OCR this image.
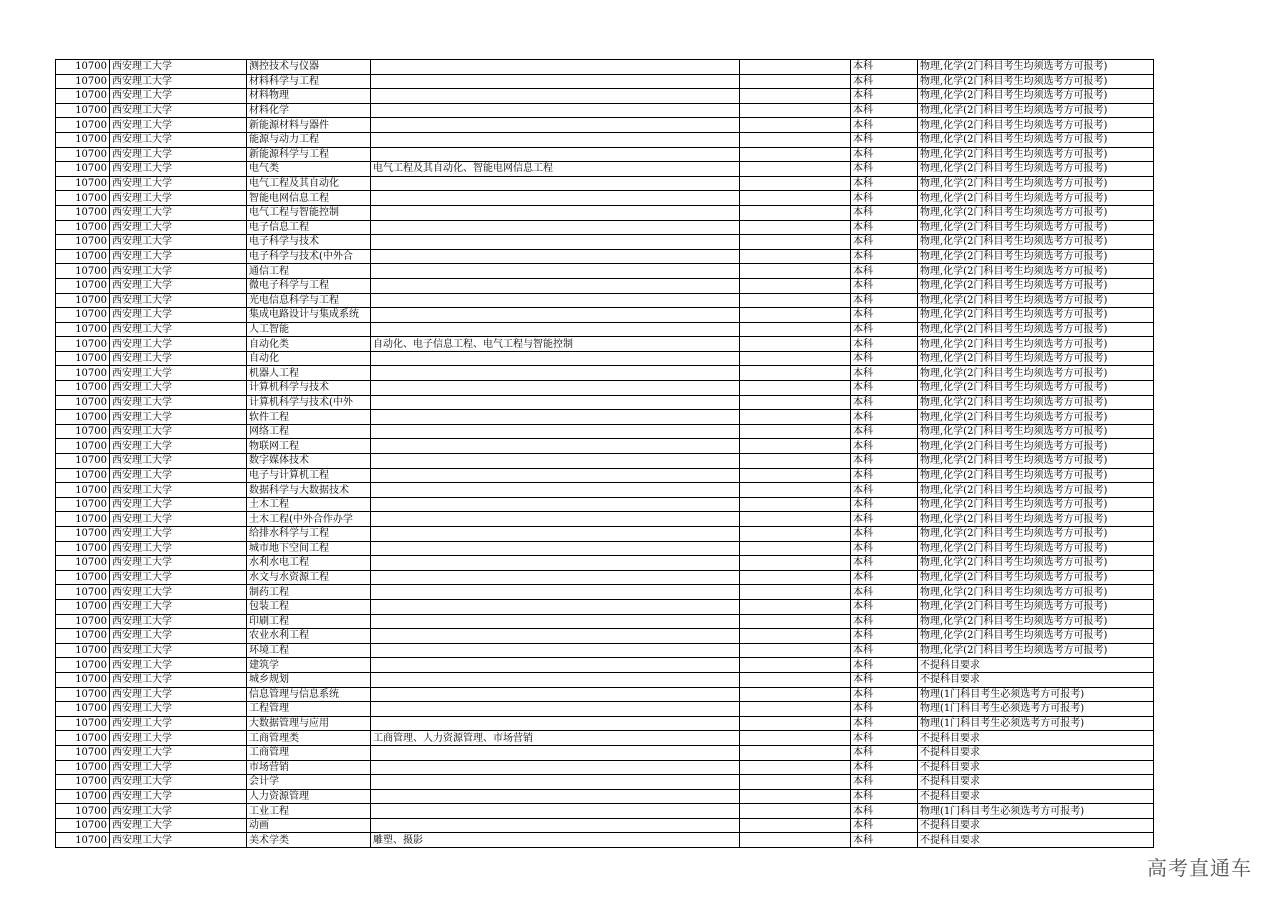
10700	西安理工大学	测控技术与仪器			本科	物理,化学(2门科目考生均须选考方可报考)
10700	西安理工大学	材料科学与工程			本科	物理,化学(2门科目考生均须选考方可报考)
10700	西安理工大学	材料物理			本科	物理,化学(2门科目考生均须选考方可报考)
10700	西安理工大学	材料化学			本科	物理,化学(2门科目考生均须选考方可报考)
10700	西安理工大学	新能源材料与器件			本科	物理,化学(2门科目考生均须选考方可报考)
10700	西安理工大学	能源与动力工程			本科	物理,化学(2门科目考生均须选考方可报考)
10700	西安理工大学	新能源科学与工程			本科	物理,化学(2门科目考生均须选考方可报考)
10700	西安理工大学	电气类	电气工程及其自动化、智能电网信息工程		本科	物理,化学(2门科目考生均须选考方可报考)
10700	西安理工大学	电气工程及其自动化			本科	物理,化学(2门科目考生均须选考方可报考)
10700	西安理工大学	智能电网信息工程			本科	物理,化学(2门科目考生均须选考方可报考)
10700	西安理工大学	电气工程与智能控制			本科	物理,化学(2门科目考生均须选考方可报考)
10700	西安理工大学	电子信息工程			本科	物理,化学(2门科目考生均须选考方可报考)
10700	西安理工大学	电子科学与技术			本科	物理,化学(2门科目考生均须选考方可报考)
10700	西安理工大学	电子科学与技术(中外合			本科	物理,化学(2门科目考生均须选考方可报考)
10700	西安理工大学	通信工程			本科	物理,化学(2门科目考生均须选考方可报考)
10700	西安理工大学	微电子科学与工程			本科	物理,化学(2门科目考生均须选考方可报考)
10700	西安理工大学	光电信息科学与工程			本科	物理,化学(2门科目考生均须选考方可报考)
10700	西安理工大学	集成电路设计与集成系统			本科	物理,化学(2门科目考生均须选考方可报考)
10700	西安理工大学	人工智能			本科	物理,化学(2门科目考生均须选考方可报考)
10700	西安理工大学	自动化类	自动化、电子信息工程、电气工程与智能控制		本科	物理,化学(2门科目考生均须选考方可报考)
10700	西安理工大学	自动化			本科	物理,化学(2门科目考生均须选考方可报考)
10700	西安理工大学	机器人工程			本科	物理,化学(2门科目考生均须选考方可报考)
10700	西安理工大学	计算机科学与技术			本科	物理,化学(2门科目考生均须选考方可报考)
10700	西安理工大学	计算机科学与技术(中外			本科	物理,化学(2门科目考生均须选考方可报考)
10700	西安理工大学	软件工程			本科	物理,化学(2门科目考生均须选考方可报考)
10700	西安理工大学	网络工程			本科	物理,化学(2门科目考生均须选考方可报考)
10700	西安理工大学	物联网工程			本科	物理,化学(2门科目考生均须选考方可报考)
10700	西安理工大学	数字媒体技术			本科	物理,化学(2门科目考生均须选考方可报考)
10700	西安理工大学	电子与计算机工程			本科	物理,化学(2门科目考生均须选考方可报考)
10700	西安理工大学	数据科学与大数据技术			本科	物理,化学(2门科目考生均须选考方可报考)
10700	西安理工大学	土木工程			本科	物理,化学(2门科目考生均须选考方可报考)
10700	西安理工大学	土木工程(中外合作办学			本科	物理,化学(2门科目考生均须选考方可报考)
10700	西安理工大学	给排水科学与工程			本科	物理,化学(2门科目考生均须选考方可报考)
10700	西安理工大学	城市地下空间工程			本科	物理,化学(2门科目考生均须选考方可报考)
10700	西安理工大学	水利水电工程			本科	物理,化学(2门科目考生均须选考方可报考)
10700	西安理工大学	水文与水资源工程			本科	物理,化学(2门科目考生均须选考方可报考)
10700	西安理工大学	制药工程			本科	物理,化学(2门科目考生均须选考方可报考)
10700	西安理工大学	包装工程			本科	物理,化学(2门科目考生均须选考方可报考)
10700	西安理工大学	印刷工程			本科	物理,化学(2门科目考生均须选考方可报考)
10700	西安理工大学	农业水利工程			本科	物理,化学(2门科目考生均须选考方可报考)
10700	西安理工大学	环境工程			本科	物理,化学(2门科目考生均须选考方可报考)
10700	西安理工大学	建筑学			本科	不提科目要求
10700	西安理工大学	城乡规划			本科	不提科目要求
10700	西安理工大学	信息管理与信息系统			本科	物理(1门科目考生必须选考方可报考)
10700	西安理工大学	工程管理			本科	物理(1门科目考生必须选考方可报考)
10700	西安理工大学	大数据管理与应用			本科	物理(1门科目考生必须选考方可报考)
10700	西安理工大学	工商管理类	工商管理、人力资源管理、市场营销		本科	不提科目要求
10700	西安理工大学	工商管理			本科	不提科目要求
10700	西安理工大学	市场营销			本科	不提科目要求
10700	西安理工大学	会计学			本科	不提科目要求
10700	西安理工大学	人力资源管理			本科	不提科目要求
10700	西安理工大学	工业工程			本科	物理(1门科目考生必须选考方可报考)
10700	西安理工大学	动画			本科	不提科目要求
10700	西安理工大学	美术学类	雕塑、摄影		本科	不提科目要求
高考直通车
